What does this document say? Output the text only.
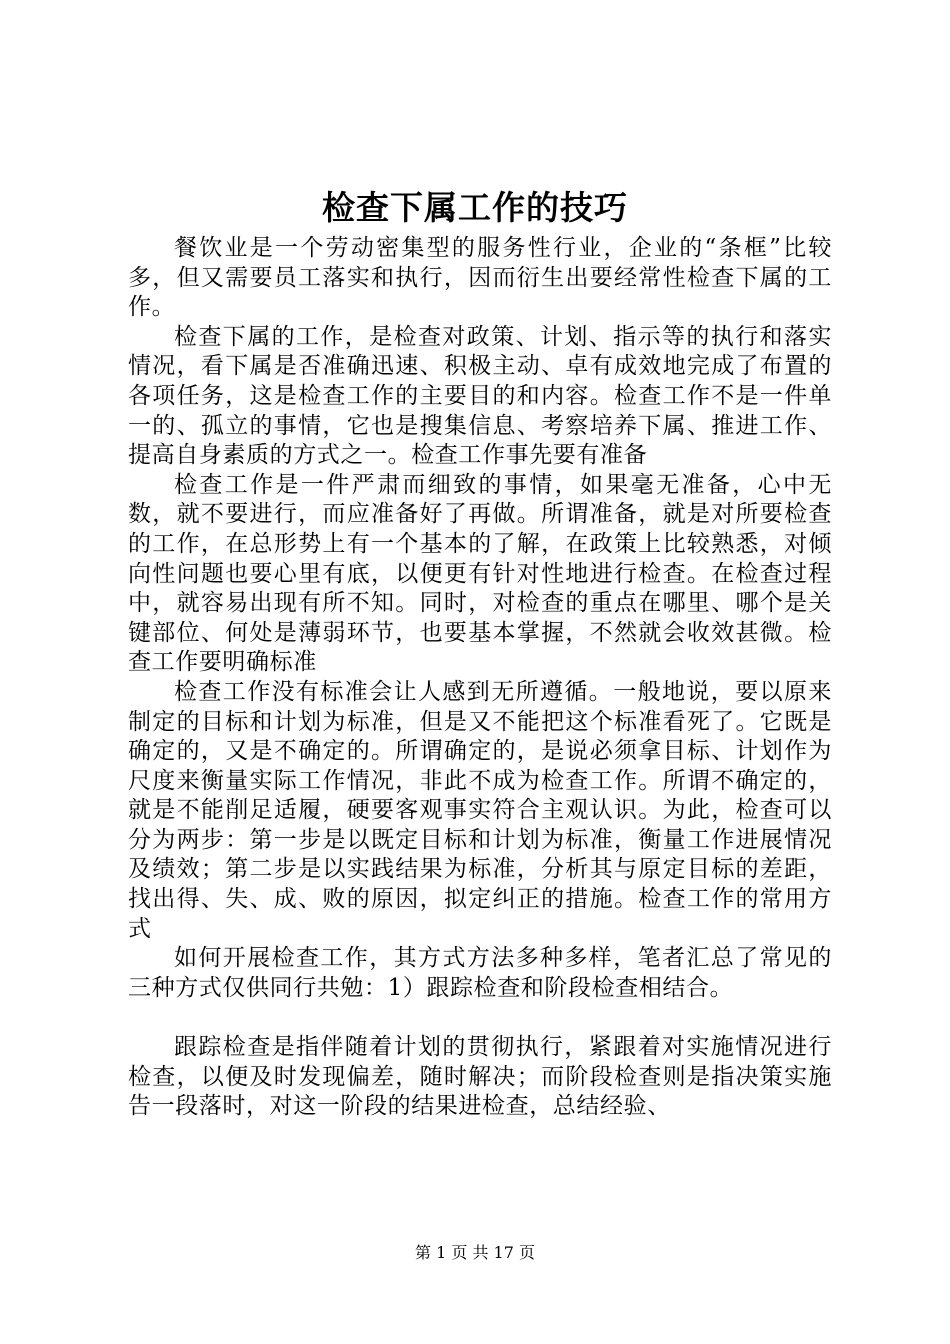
检查下属工作的技巧

餐饮业是一个劳动密集型的服务性行业，企业的“条框”比较多，但又需要员工落实和执行，因而衍生出要经常性检查下属的工作。

检查下属的工作，是检查对政策、计划、指示等的执行和落实情况，看下属是否准确迅速、积极主动、卓有成效地完成了布置的各项任务，这是检查工作的主要目的和内容。检查工作不是一件单一的、孤立的事情，它也是搜集信息、考察培养下属、推进工作、提高自身素质的方式之一。检查工作事先要有准备

检查工作是一件严肃而细致的事情，如果毫无准备，心中无数，就不要进行，而应准备好了再做。所谓准备，就是对所要检查的工作，在总形势上有一个基本的了解，在政策上比较熟悉，对倾向性问题也要心里有底，以便更有针对性地进行检查。在检查过程中，就容易出现有所不知。同时，对检查的重点在哪里、哪个是关键部位、何处是薄弱环节，也要基本掌握，不然就会收效甚微。检查工作要明确标准

检查工作没有标准会让人感到无所遵循。一般地说，要以原来制定的目标和计划为标准，但是又不能把这个标准看死了。它既是确定的，又是不确定的。所谓确定的，是说必须拿目标、计划作为尺度来衡量实际工作情况，非此不成为检查工作。所谓不确定的，就是不能削足适履，硬要客观事实符合主观认识。为此，检查可以分为两步：第一步是以既定目标和计划为标准，衡量工作进展情况及绩效；第二步是以实践结果为标准，分析其与原定目标的差距，找出得、失、成、败的原因，拟定纠正的措施。检查工作的常用方式

如何开展检查工作，其方式方法多种多样，笔者汇总了常见的三种方式仅供同行共勉：1）跟踪检查和阶段检查相结合。

跟踪检查是指伴随着计划的贯彻执行，紧跟着对实施情况进行检查，以便及时发现偏差，随时解决；而阶段检查则是指决策实施告一段落时，对这一阶段的结果进检查，总结经验、

第 1 页 共 17 页
